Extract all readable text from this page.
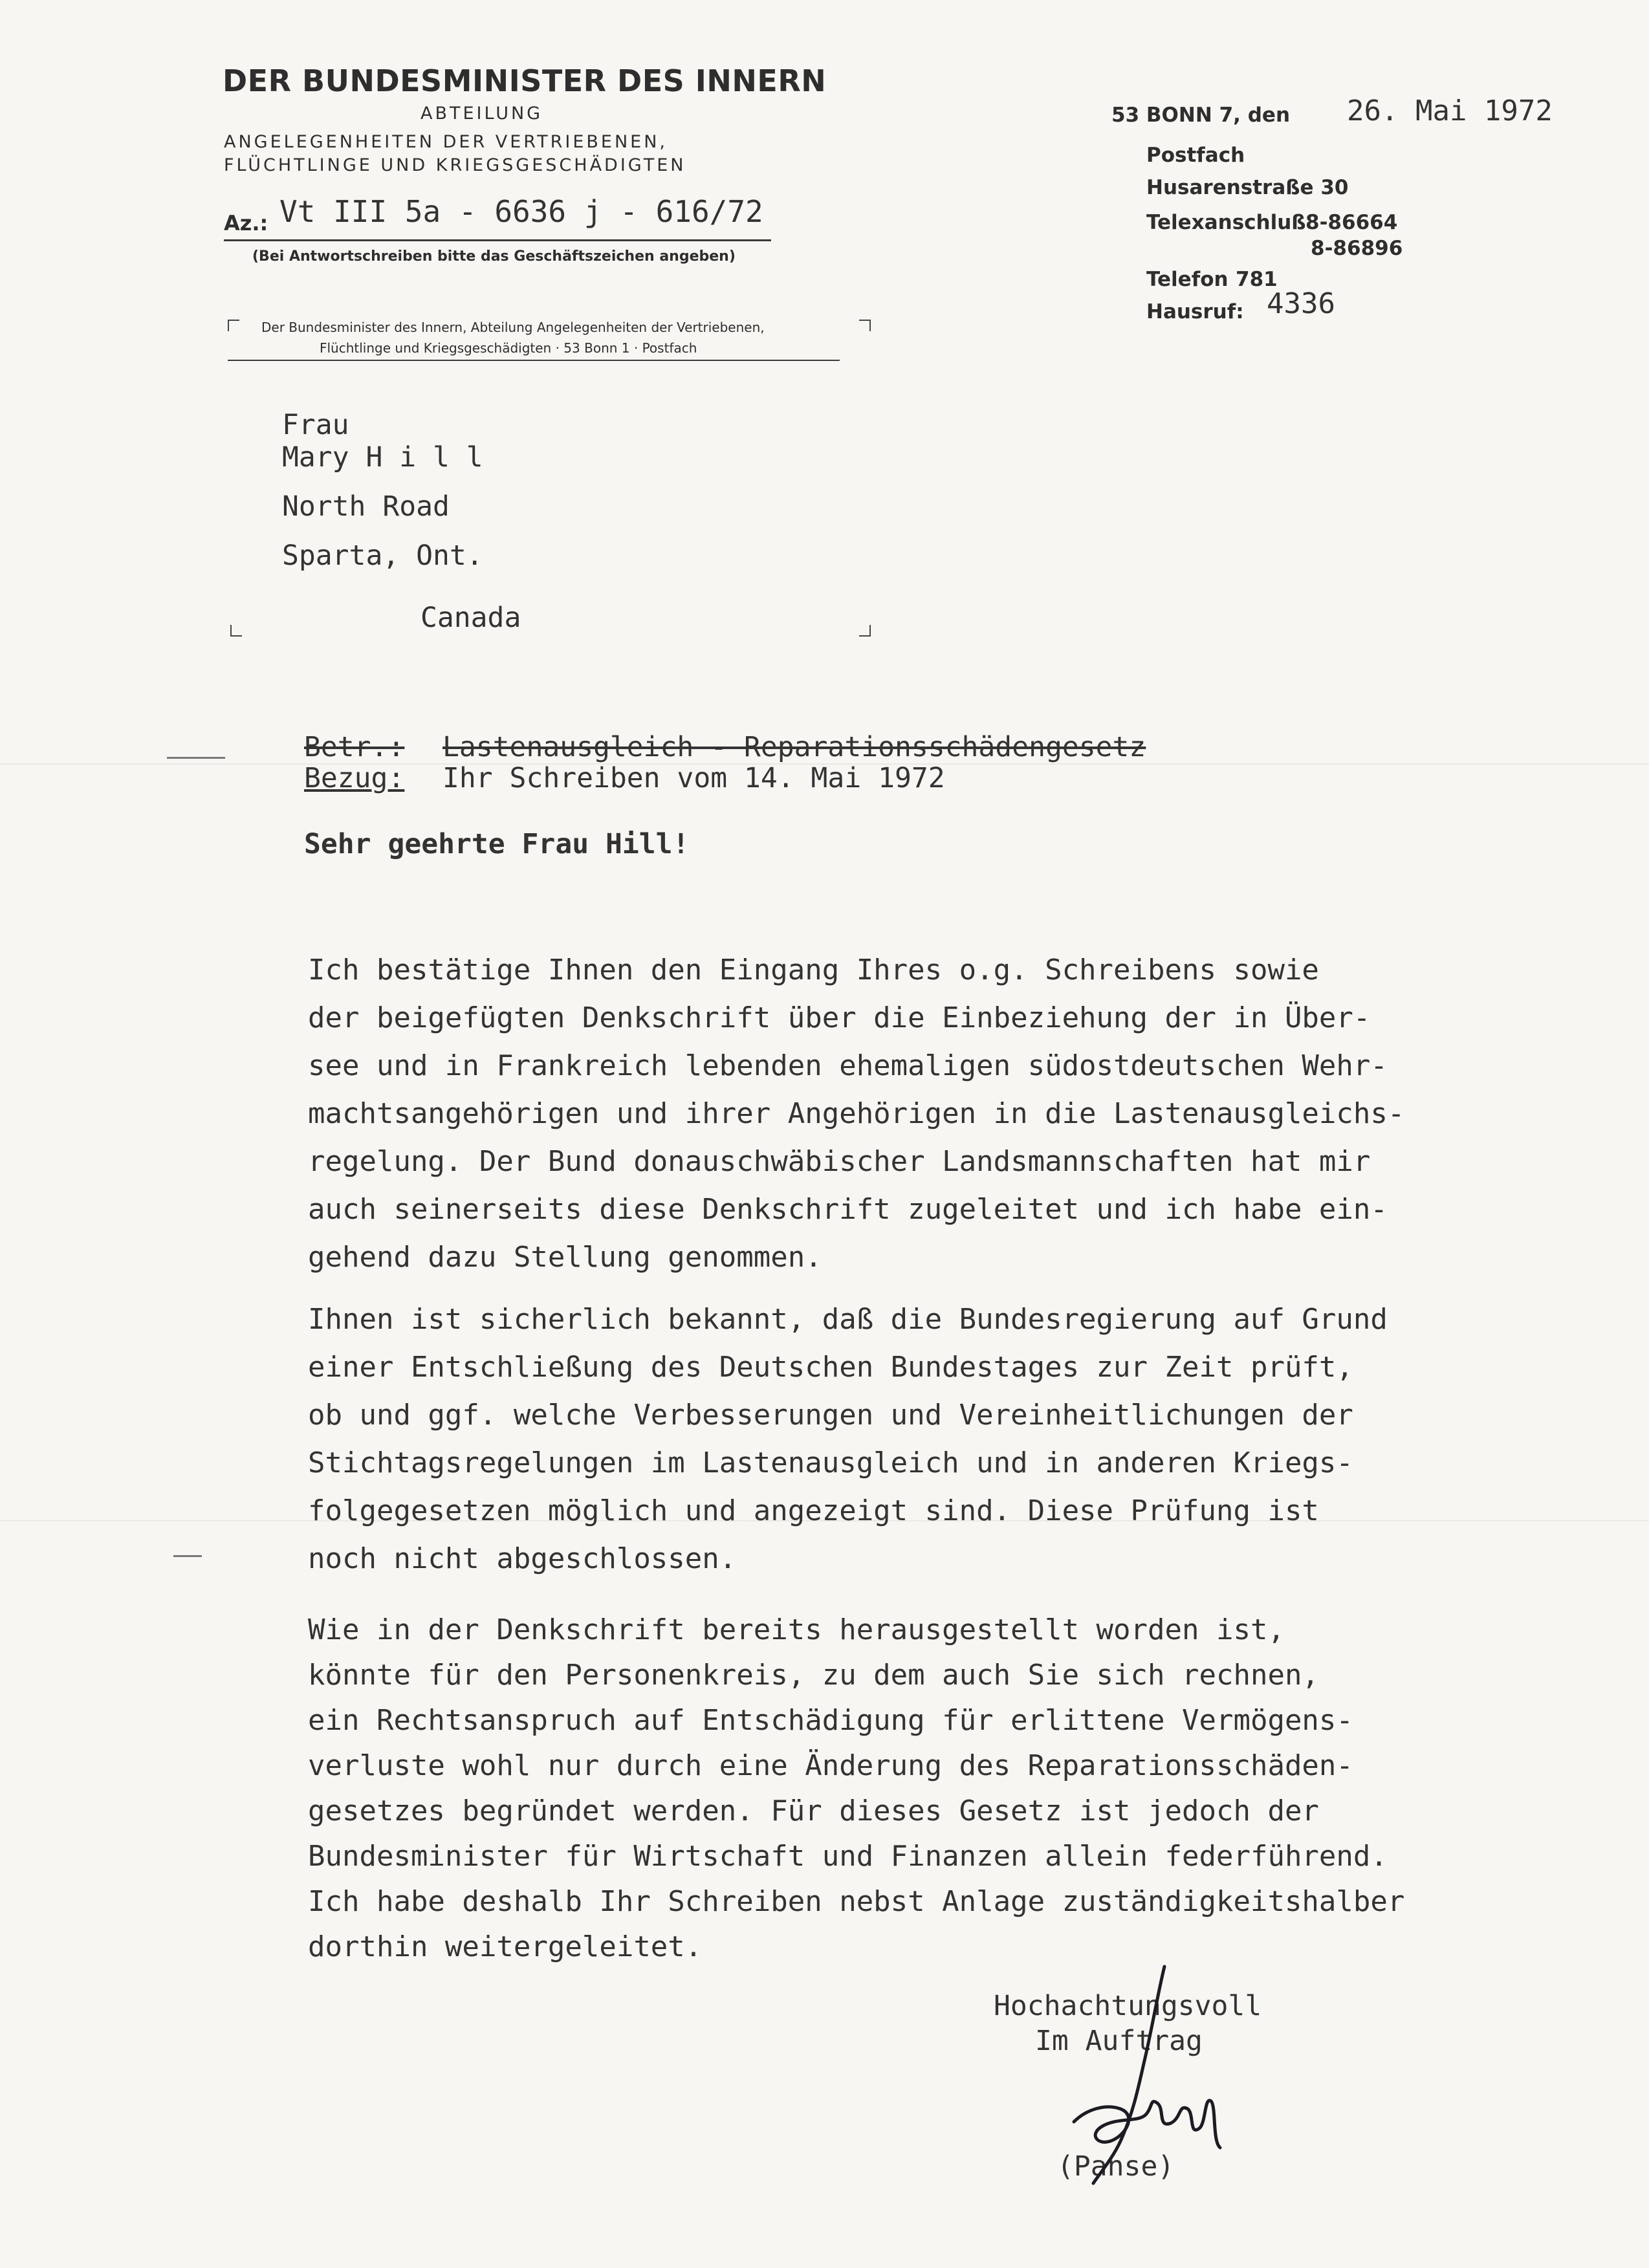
DER BUNDESMINISTER DES INNERN
ABTEILUNG
ANGELEGENHEITEN DER VERTRIEBENEN,
FLÜCHTLINGE UND KRIEGSGESCHÄDIGTEN
Az.: Vt III 5a - 6636 j - 616/72
(Bei Antwortschreiben bitte das Geschäftszeichen angeben)
Der Bundesminister des Innern, Abteilung Angelegenheiten der Vertriebenen,
Flüchtlinge und Kriegsgeschädigten · 53 Bonn 1 · Postfach
53 BONN 7, den 26. Mai 1972
Postfach
Husarenstraße 30
Telexanschluß 8-86664
8-86896
Telefon 781
Hausruf: 4336
Frau
Mary H i l l
North Road
Sparta, Ont.
Canada
Betr.: Lastenausgleich - Reparationsschädengesetz
Bezug: Ihr Schreiben vom 14. Mai 1972
Sehr geehrte Frau Hill!
Ich bestätige Ihnen den Eingang Ihres o.g. Schreibens sowie
der beigefügten Denkschrift über die Einbeziehung der in Über-
see und in Frankreich lebenden ehemaligen südostdeutschen Wehr-
machtsangehörigen und ihrer Angehörigen in die Lastenausgleichs-
regelung. Der Bund donauschwäbischer Landsmannschaften hat mir
auch seinerseits diese Denkschrift zugeleitet und ich habe ein-
gehend dazu Stellung genommen.
Ihnen ist sicherlich bekannt, daß die Bundesregierung auf Grund
einer Entschließung des Deutschen Bundestages zur Zeit prüft,
ob und ggf. welche Verbesserungen und Vereinheitlichungen der
Stichtagsregelungen im Lastenausgleich und in anderen Kriegs-
folgegesetzen möglich und angezeigt sind. Diese Prüfung ist
noch nicht abgeschlossen.
Wie in der Denkschrift bereits herausgestellt worden ist,
könnte für den Personenkreis, zu dem auch Sie sich rechnen,
ein Rechtsanspruch auf Entschädigung für erlittene Vermögens-
verluste wohl nur durch eine Änderung des Reparationsschäden-
gesetzes begründet werden. Für dieses Gesetz ist jedoch der
Bundesminister für Wirtschaft und Finanzen allein federführend.
Ich habe deshalb Ihr Schreiben nebst Anlage zuständigkeitshalber
dorthin weitergeleitet.
Hochachtungsvoll
Im Auftrag
(Panse)
